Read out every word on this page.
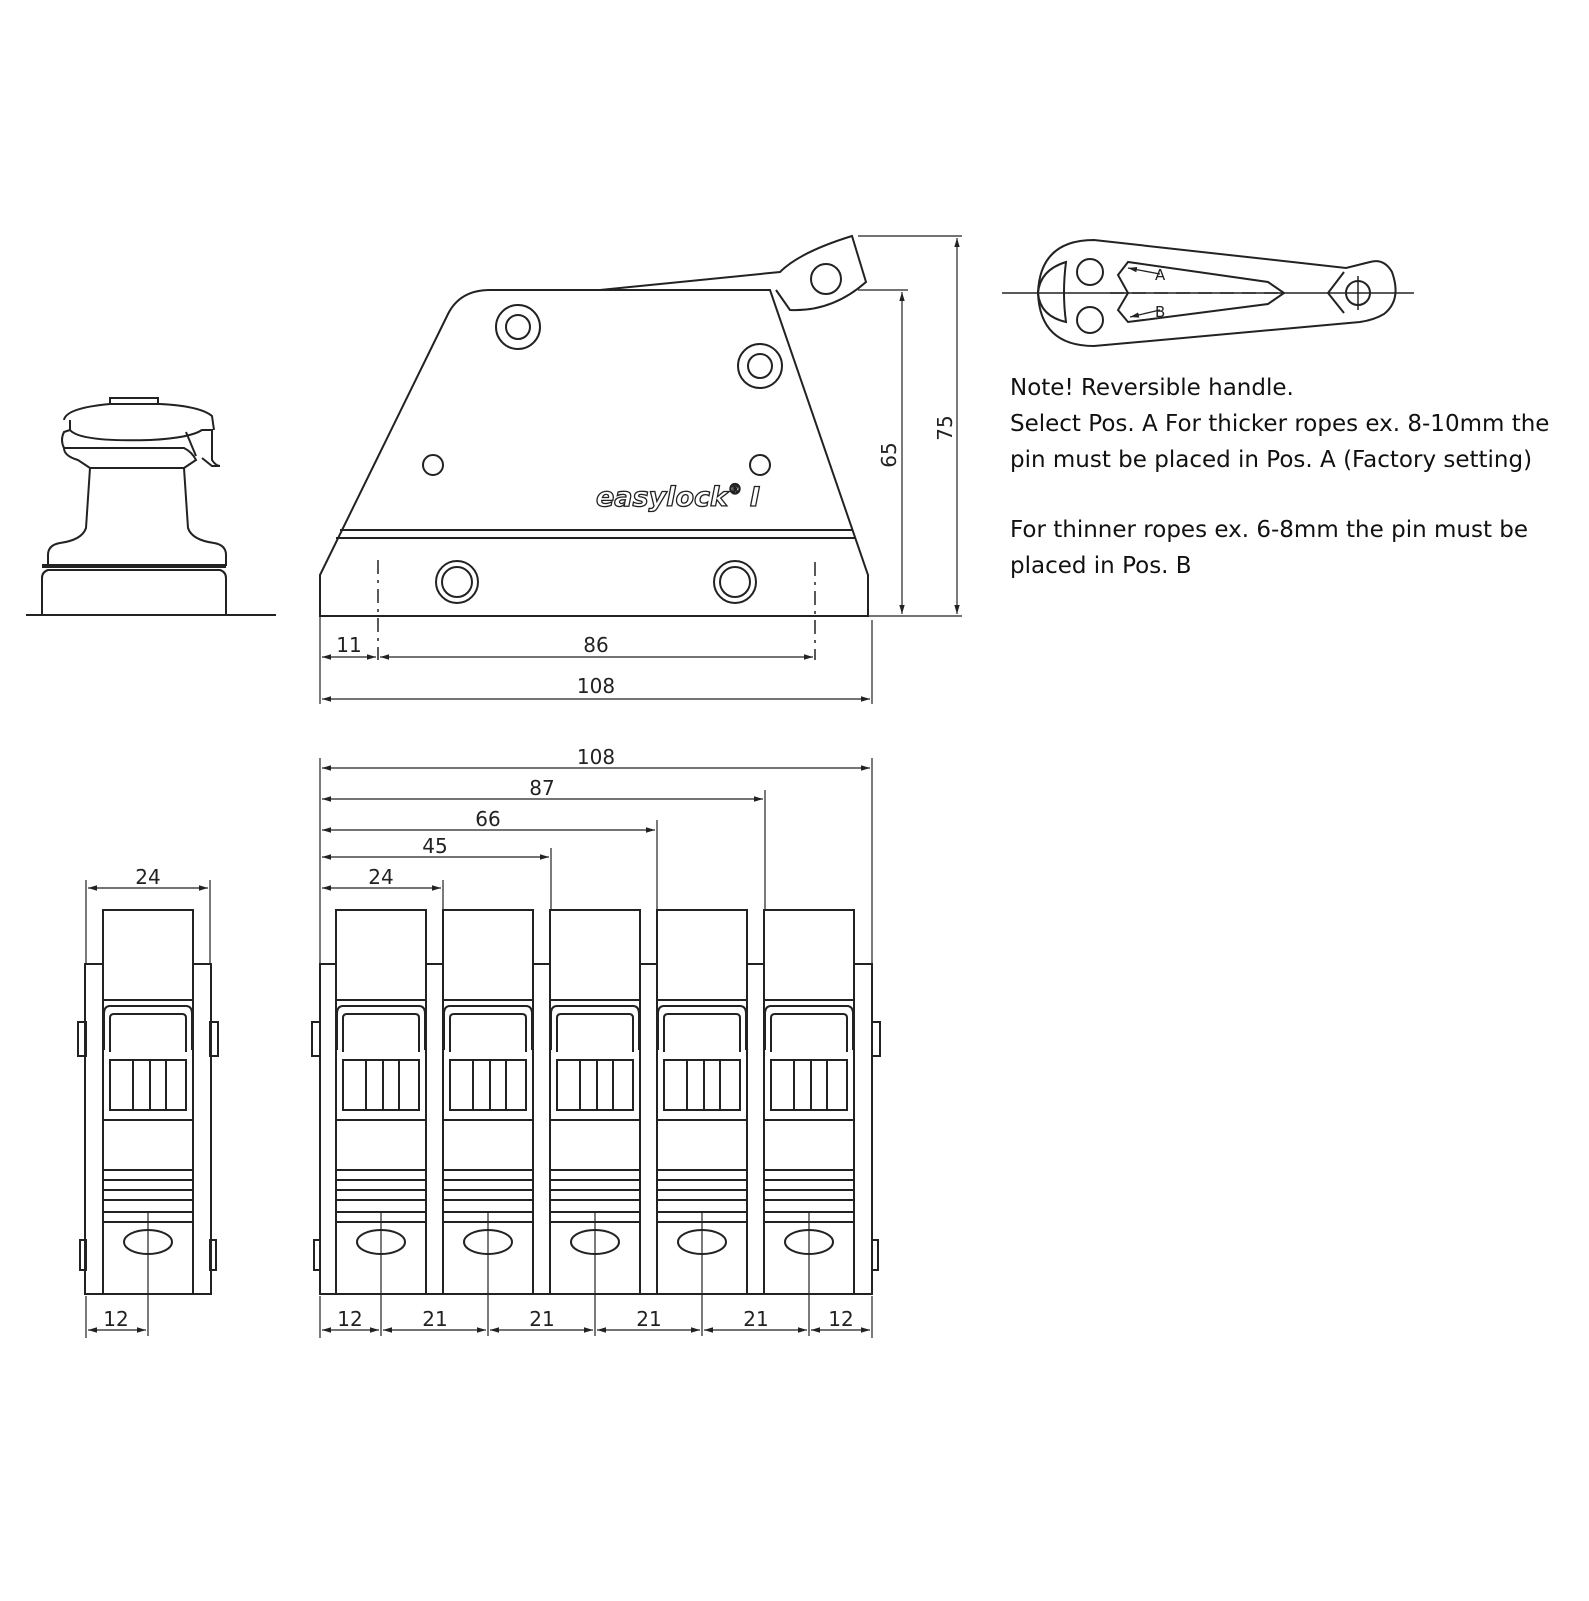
easylock® I
65
75
11	86
108
A
B
24
12
108
87
66
45
24
12	21	21	21	21	12

Note! Reversible handle.
Select Pos. A For thicker ropes ex. 8-10mm the pin must be placed in Pos. A (Factory setting)

For thinner ropes ex. 6-8mm the pin must be placed in Pos. B
